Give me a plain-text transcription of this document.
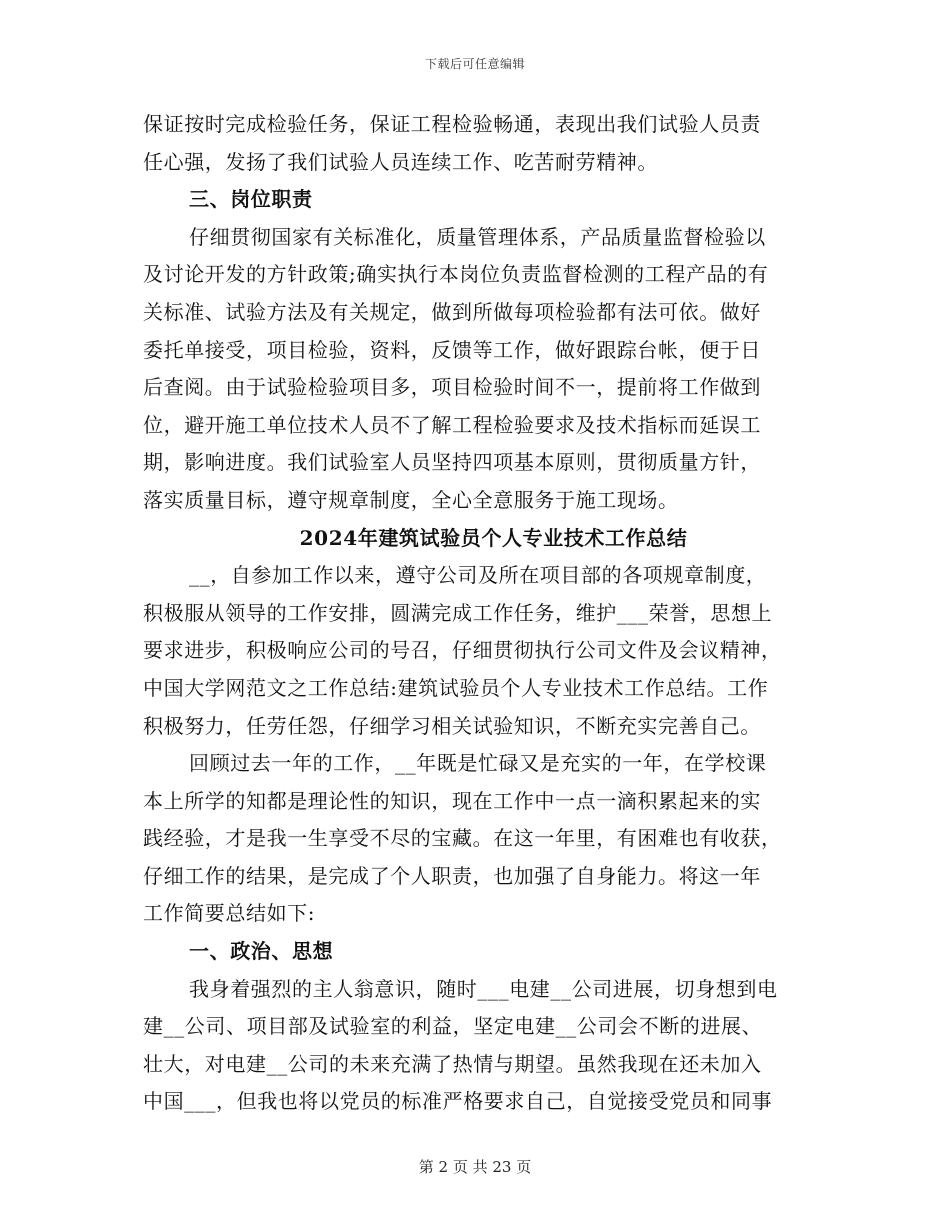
下载后可任意编辑
保证按时完成检验任务，保证工程检验畅通，表现出我们试验人员责
任心强，发扬了我们试验人员连续工作、吃苦耐劳精神。
三、岗位职责
仔细贯彻国家有关标准化，质量管理体系，产品质量监督检验以
及讨论开发的方针政策;确实执行本岗位负责监督检测的工程产品的有
关标准、试验方法及有关规定，做到所做每项检验都有法可依。做好
委托单接受，项目检验，资料，反馈等工作，做好跟踪台帐，便于日
后查阅。由于试验检验项目多，项目检验时间不一，提前将工作做到
位，避开施工单位技术人员不了解工程检验要求及技术指标而延误工
期，影响进度。我们试验室人员坚持四项基本原则，贯彻质量方针，
落实质量目标，遵守规章制度，全心全意服务于施工现场。
2024年建筑试验员个人专业技术工作总结
__，自参加工作以来，遵守公司及所在项目部的各项规章制度，
积极服从领导的工作安排，圆满完成工作任务，维护___荣誉，思想上
要求进步，积极响应公司的号召，仔细贯彻执行公司文件及会议精神，
中国大学网范文之工作总结:建筑试验员个人专业技术工作总结。工作
积极努力，任劳任怨，仔细学习相关试验知识，不断充实完善自己。
回顾过去一年的工作，__年既是忙碌又是充实的一年，在学校课
本上所学的知都是理论性的知识，现在工作中一点一滴积累起来的实
践经验，才是我一生享受不尽的宝藏。在这一年里，有困难也有收获，
仔细工作的结果，是完成了个人职责，也加强了自身能力。将这一年
工作简要总结如下:
一、政治、思想
我身着强烈的主人翁意识，随时___电建__公司进展，切身想到电
建__公司、项目部及试验室的利益，坚定电建__公司会不断的进展、
壮大，对电建__公司的未来充满了热情与期望。虽然我现在还未加入
中国___，但我也将以党员的标准严格要求自己，自觉接受党员和同事
第 2 页 共 23 页
